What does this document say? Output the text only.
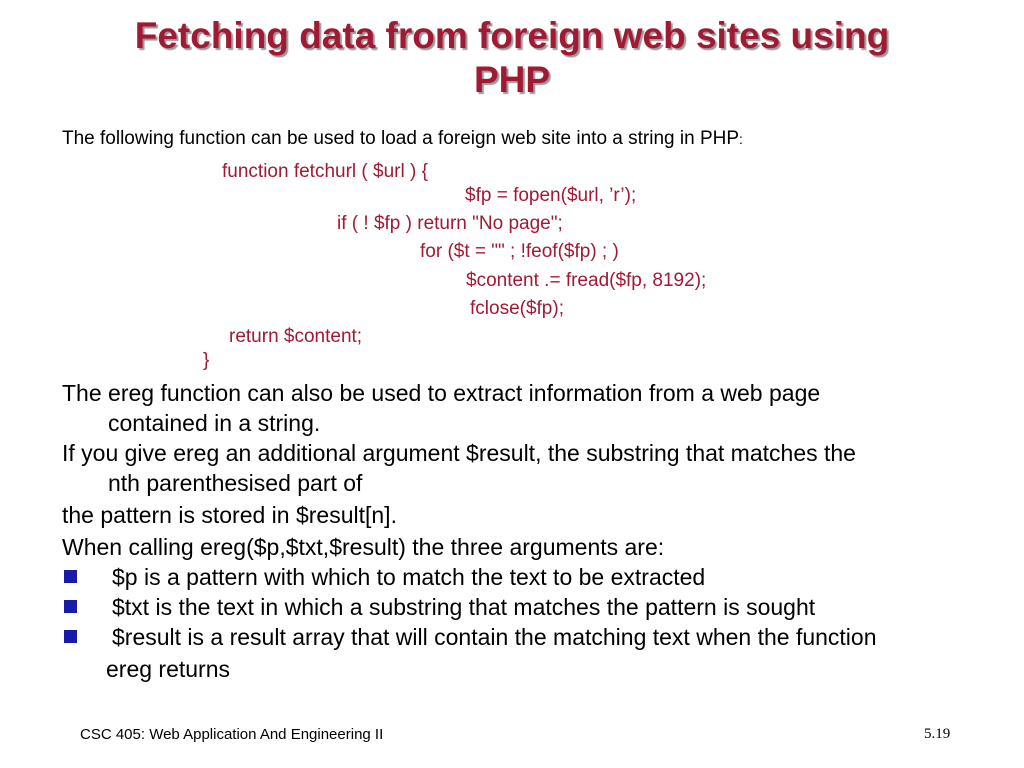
Fetching data from foreign web sites using
PHP
The following function can be used to load a foreign web site into a string in PHP:
function fetchurl ( $url ) {
$fp = fopen($url, ’r’);
if ( ! $fp ) return "No page";
for ($t = "" ; !feof($fp) ; )
$content .= fread($fp, 8192);
fclose($fp);
return $content;
}
The ereg function can also be used to extract information from a web page
contained in a string.
If you give ereg an additional argument $result, the substring that matches the
nth parenthesised part of
the pattern is stored in $result[n].
When calling ereg($p,$txt,$result) the three arguments are:
$p is a pattern with which to match the text to be extracted
$txt is the text in which a substring that matches the pattern is sought
$result is a result array that will contain the matching text when the function
ereg returns
CSC 405: Web Application And Engineering II	5.19
